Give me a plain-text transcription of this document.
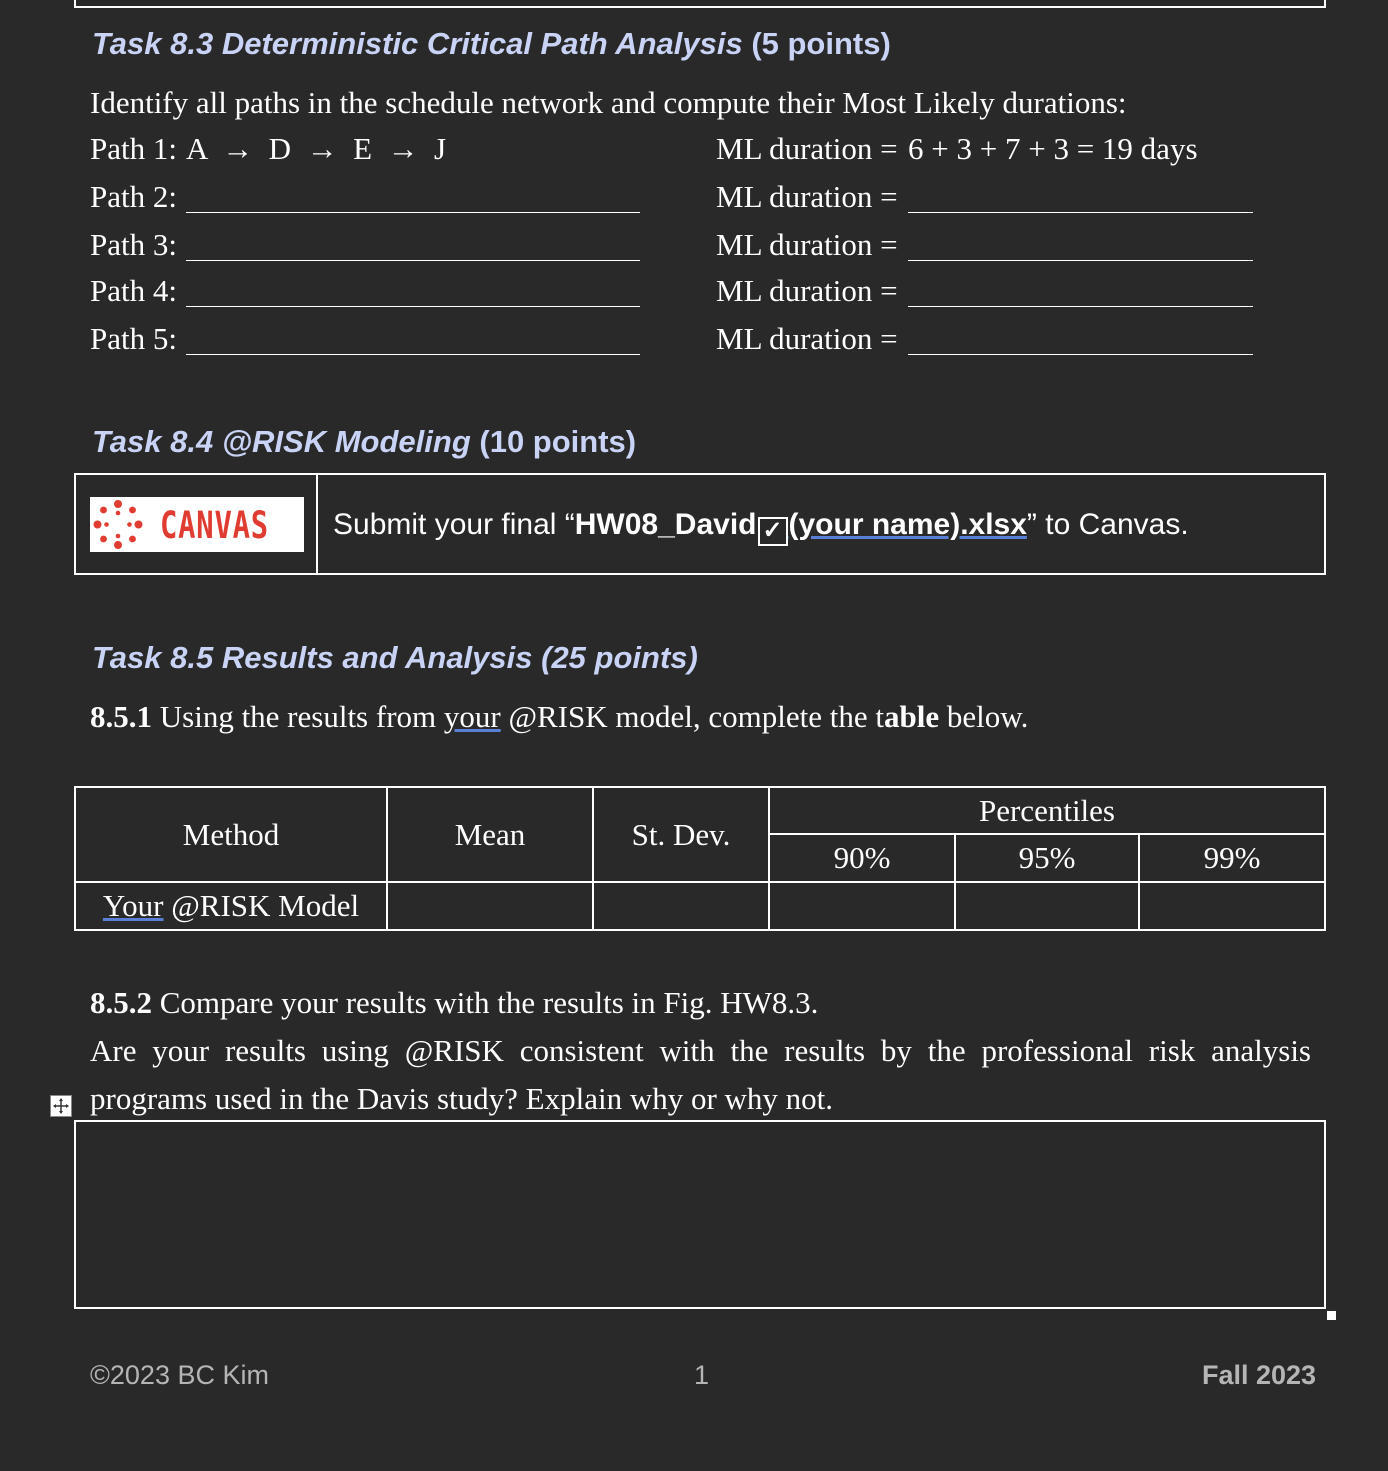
Task 8.3 Deterministic Critical Path Analysis (5 points)
Identify all paths in the schedule network and compute their Most Likely durations:
Path 1: A  →  D  →  E  →  J	ML duration = 6 + 3 + 7 + 3 = 19 days
Path 2:	ML duration =
Path 3:	ML duration =
Path 4:	ML duration =
Path 5:	ML duration =
Task 8.4 @RISK Modeling (10 points)
CANVAS Submit your final “HW08_David ✓ (your name).xlsx” to Canvas.
Task 8.5 Results and Analysis (25 points)
8.5.1 Using the results from your @RISK model, complete the table below.
Method	Mean	St. Dev.	Percentiles		
			90%	95%	99%
Your @RISK Model					
8.5.2 Compare your results with the results in Fig. HW8.3.
Are your results using @RISK consistent with the results by the professional risk analysis
programs used in the Davis study? Explain why or why not.
©2023 BC Kim	1	Fall 2023
